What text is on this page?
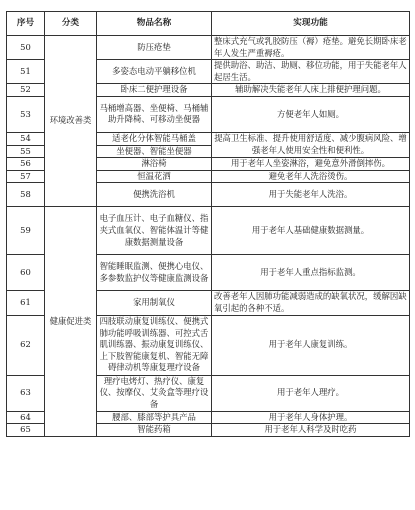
序号	分类	物品名称	实现功能
50	环境改善类	防压疮垫	整床式充气或乳胶防压（褥）疮垫。避免长期卧床老年人发生严重褥疮。
51		多姿态电动平躺移位机	提供助浴、助洁、助厕、移位功能，用于失能老年人起居生活。
52		卧床二便护理设备	辅助解决失能老年人床上排便护理问题。
53		马桶增高器、坐便椅、马桶辅助升降椅、可移动坐便器	方便老年人如厕。
54		适老化分体智能马桶盖	提高卫生标准、提升使用舒适度、减少腹病风险、增强老年人使用安全性和便利性。
55		坐便器、智能坐便器	
56		淋浴椅	用于老年人坐姿淋浴，避免意外滑倒摔伤。
57		恒温花洒	避免老年人洗浴烫伤。
58		便携洗浴机	用于失能老年人洗浴。
59	健康促进类	电子血压计、电子血糖仪、指夹式血氧仪、智能体温计等健康数据测量设备	用于老年人基础健康数据测量。
60		智能睡眠监测、便携心电仪、多参数监护仪等健康监测设备	用于老年人重点指标监测。
61		家用制氧仪	改善老年人因肺功能减弱造成的缺氧状况，缓解因缺氧引起的各种不适。
62		四肢联动康复训练仪、便携式肺功能呼吸训练器、可控式舌肌训练器、振动康复训练仪、上下肢智能康复机、智能无障碍律动机等康复理疗设备	用于老年人康复训练。
63		理疗电烤灯、热疗仪、康复仪、按摩仪、艾灸盒等理疗设备	用于老年人理疗。
64		腰部、膝部等护具产品	用于老年人身体护理。
65		智能药箱	用于老年人科学及时吃药
